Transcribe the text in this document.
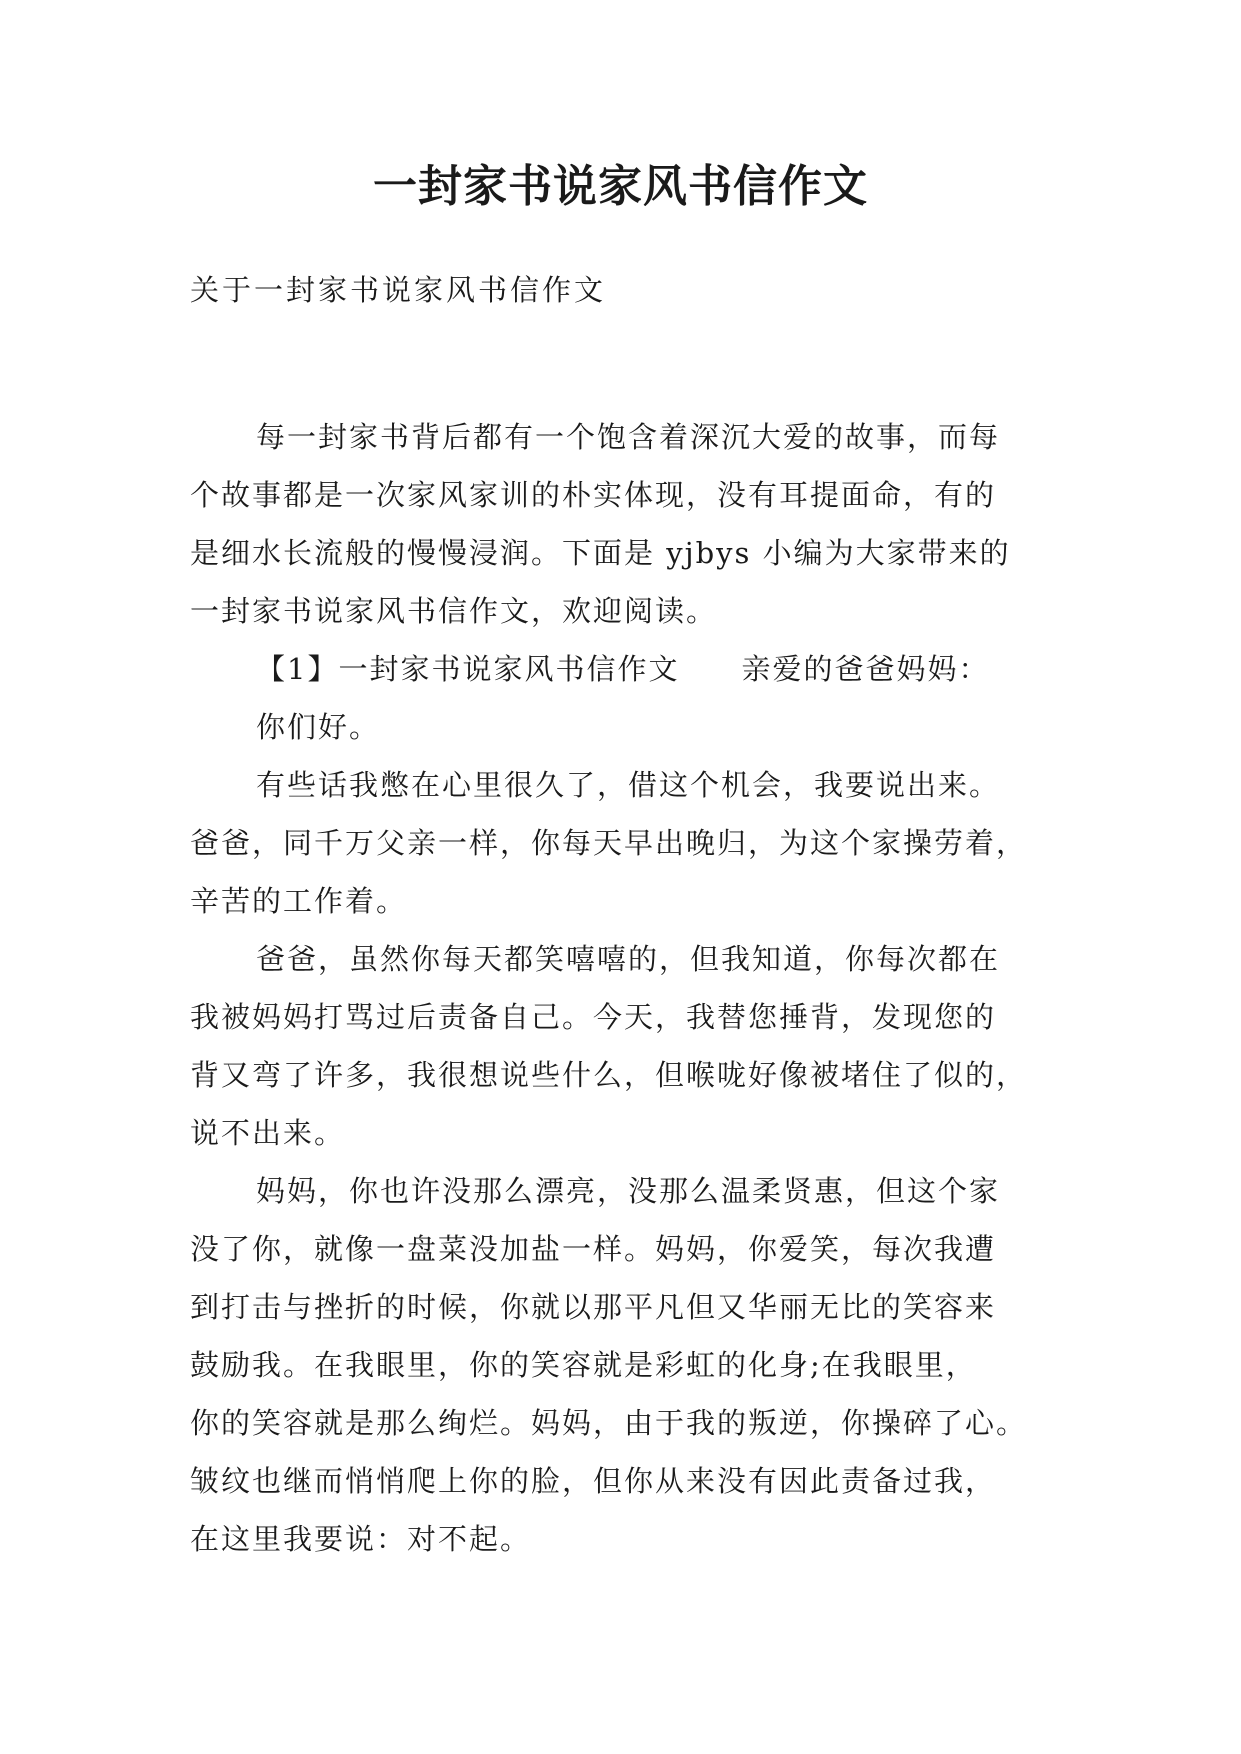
一封家书说家风书信作文
关于一封家书说家风书信作文
每一封家书背后都有一个饱含着深沉大爱的故事，而每
个故事都是一次家风家训的朴实体现，没有耳提面命，有的
是细水长流般的慢慢浸润。下面是 yjbys 小编为大家带来的
一封家书说家风书信作文，欢迎阅读。
【1】一封家书说家风书信作文　　亲爱的爸爸妈妈：
你们好。
有些话我憋在心里很久了，借这个机会，我要说出来。
爸爸，同千万父亲一样，你每天早出晚归，为这个家操劳着，
辛苦的工作着。
爸爸，虽然你每天都笑嘻嘻的，但我知道，你每次都在
我被妈妈打骂过后责备自己。今天，我替您捶背，发现您的
背又弯了许多，我很想说些什么，但喉咙好像被堵住了似的，
说不出来。
妈妈，你也许没那么漂亮，没那么温柔贤惠，但这个家
没了你，就像一盘菜没加盐一样。妈妈，你爱笑，每次我遭
到打击与挫折的时候，你就以那平凡但又华丽无比的笑容来
鼓励我。在我眼里，你的笑容就是彩虹的化身;在我眼里，
你的笑容就是那么绚烂。妈妈，由于我的叛逆，你操碎了心。
皱纹也继而悄悄爬上你的脸，但你从来没有因此责备过我，
在这里我要说：对不起。
